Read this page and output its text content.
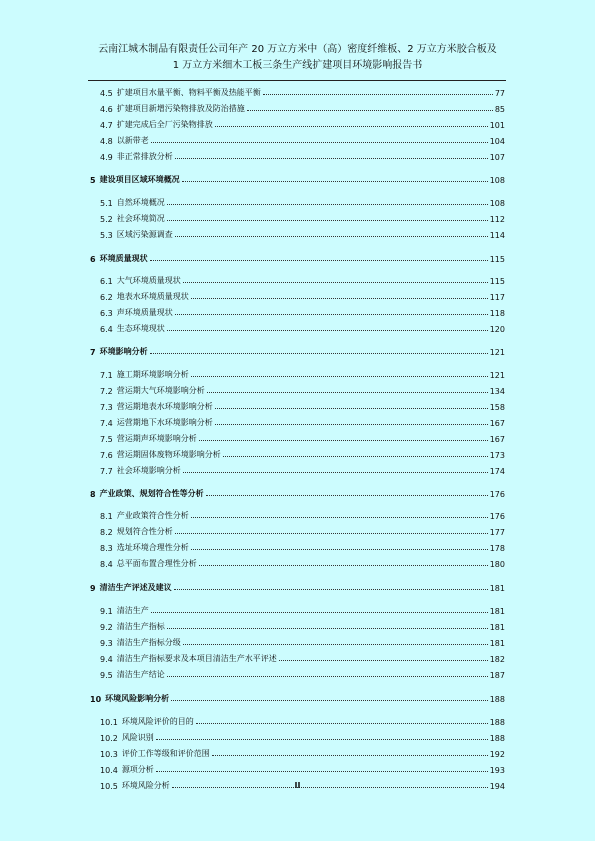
云南江城木制品有限责任公司年产 20 万立方米中（高）密度纤维板、2 万立方米胶合板及
1 万立方米细木工板三条生产线扩建项目环境影响报告书
4.5 扩建项目水量平衡、物料平衡及热能平衡	77
4.6 扩建项目新增污染物排放及防治措施	85
4.7 扩建完成后全厂污染物排放	101
4.8 以新带老	104
4.9 非正常排放分析	107
5 建设项目区域环境概况	108
5.1 自然环境概况	108
5.2 社会环境简况	112
5.3 区域污染源调查	114
6 环境质量现状	115
6.1 大气环境质量现状	115
6.2 地表水环境质量现状	117
6.3 声环境质量现状	118
6.4 生态环境现状	120
7 环境影响分析	121
7.1 施工期环境影响分析	121
7.2 营运期大气环境影响分析	134
7.3 营运期地表水环境影响分析	158
7.4 运营期地下水环境影响分析	167
7.5 营运期声环境影响分析	167
7.6 营运期固体废物环境影响分析	173
7.7 社会环境影响分析	174
8 产业政策、规划符合性等分析	176
8.1 产业政策符合性分析	176
8.2 规划符合性分析	177
8.3 选址环境合理性分析	178
8.4 总平面布置合理性分析	180
9 清洁生产评述及建议	181
9.1 清洁生产	181
9.2 清洁生产指标	181
9.3 清洁生产指标分级	181
9.4 清洁生产指标要求及本项目清洁生产水平评述	182
9.5 清洁生产结论	187
10 环境风险影响分析	188
10.1 环境风险评价的目的	188
10.2 风险识别	188
10.3 评价工作等级和评价范围	192
10.4 源项分析	193
10.5 环境风险分析	194
II
